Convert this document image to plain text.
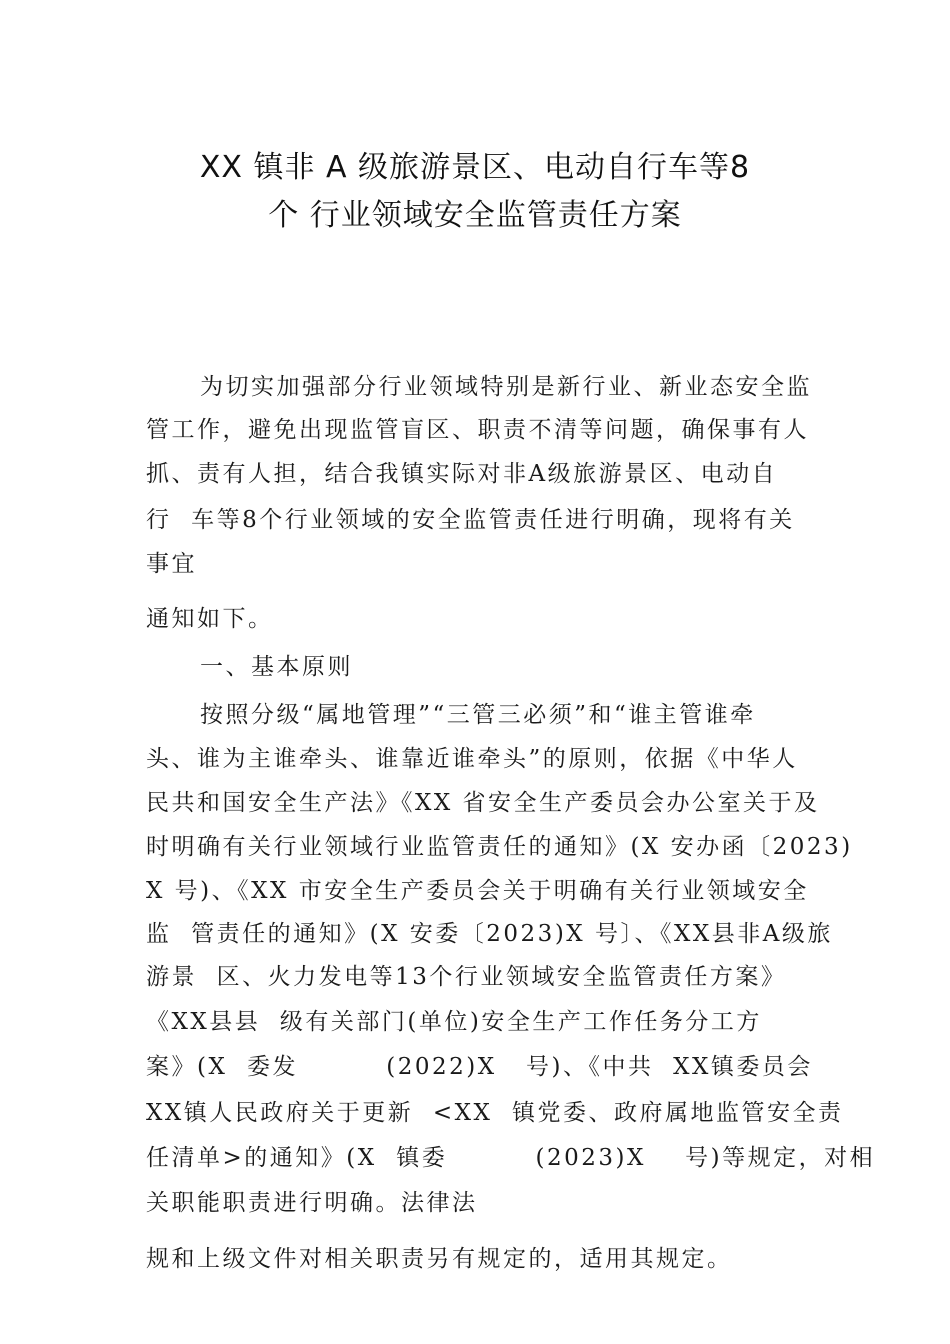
XX 镇非 A 级旅游景区、电动自行车等8
个 行业领域安全监管责任方案
为切实加强部分行业领域特别是新行业、新业态安全监
管工作，避免出现监管盲区、职责不清等问题，确保事有人
抓、责有人担，结合我镇实际对非A级旅游景区、电动自
行  车等8个行业领域的安全监管责任进行明确，现将有关
事宜
通知如下。
一、基本原则
按照分级“属地管理”“三管三必须”和“谁主管谁牵
头、谁为主谁牵头、谁靠近谁牵头”的原则，依据《中华人
民共和国安全生产法》《XX 省安全生产委员会办公室关于及
时明确有关行业领域行业监管责任的通知》(X 安办函〔2023)
X 号)、《XX 市安全生产委员会关于明确有关行业领域安全
监  管责任的通知》(X 安委〔2023)X 号〕、《XX县非A级旅
游景  区、火力发电等13个行业领域安全监管责任方案》
《XX县县  级有关部门(单位)安全生产工作任务分工方
案》(X  委发         (2022)X   号)、《中共  XX镇委员会
XX镇人民政府关于更新  <XX  镇党委、政府属地监管安全责
任清单>的通知》(X  镇委         (2023)X    号)等规定，对相
关职能职责进行明确。法律法
规和上级文件对相关职责另有规定的，适用其规定。
